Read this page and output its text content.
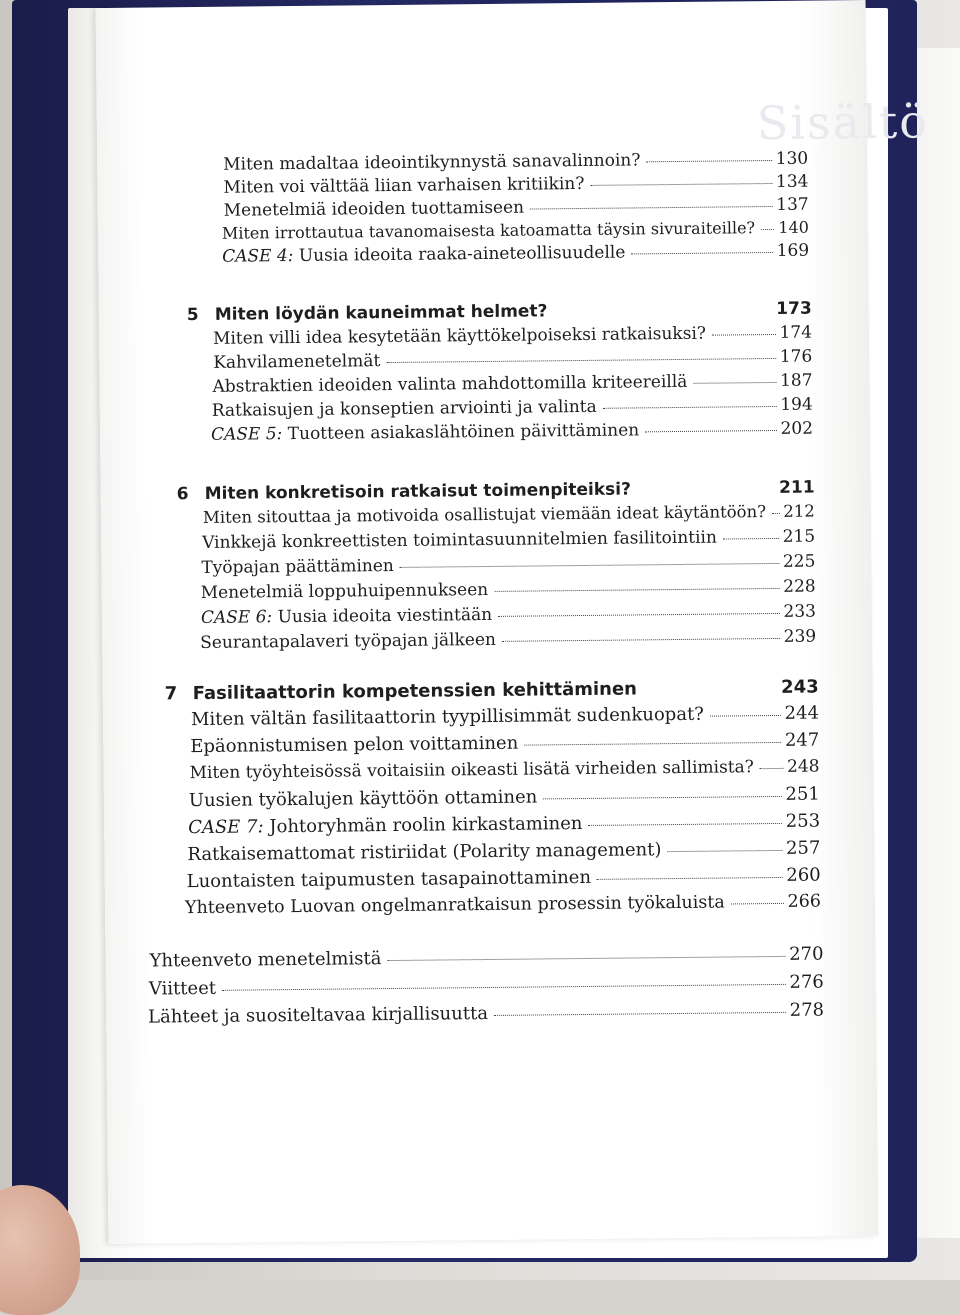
Sisältö
Miten madaltaa ideointikynnystä sanavalinnoin?	130
Miten voi välttää liian varhaisen kritiikin?	134
Menetelmiä ideoiden tuottamiseen	137
Miten irrottautua tavanomaisesta katoamatta täysin sivuraiteille? 140
CASE 4: Uusia ideoita raaka-aineteollisuudelle	169
5 Miten löydän kauneimmat helmet?	173
Miten villi idea kesytetään käyttökelpoiseksi ratkaisuksi?	174
Kahvilamenetelmät	176
Abstraktien ideoiden valinta mahdottomilla kriteereillä	187
Ratkaisujen ja konseptien arviointi ja valinta	194
CASE 5: Tuotteen asiakaslähtöinen päivittäminen	202
6 Miten konkretisoin ratkaisut toimenpiteiksi?	211
Miten sitouttaa ja motivoida osallistujat viemään ideat käytäntöön? 212
Vinkkejä konkreettisten toimintasuunnitelmien fasilitointiin	215
Työpajan päättäminen	225
Menetelmiä loppuhuipennukseen	228
CASE 6: Uusia ideoita viestintään	233
Seurantapalaveri työpajan jälkeen	239
7 Fasilitaattorin kompetenssien kehittäminen	243
Miten vältän fasilitaattorin tyypillisimmät sudenkuopat?	244
Epäonnistumisen pelon voittaminen	247
Miten työyhteisössä voitaisiin oikeasti lisätä virheiden sallimista? 248
Uusien työkalujen käyttöön ottaminen	251
CASE 7: Johtoryhmän roolin kirkastaminen	253
Ratkaisemattomat ristiriidat (Polarity management)	257
Luontaisten taipumusten tasapainottaminen	260
Yhteenveto Luovan ongelmanratkaisun prosessin työkaluista	266
Yhteenveto menetelmistä	270
Viitteet	276
Lähteet ja suositeltavaa kirjallisuutta	278
